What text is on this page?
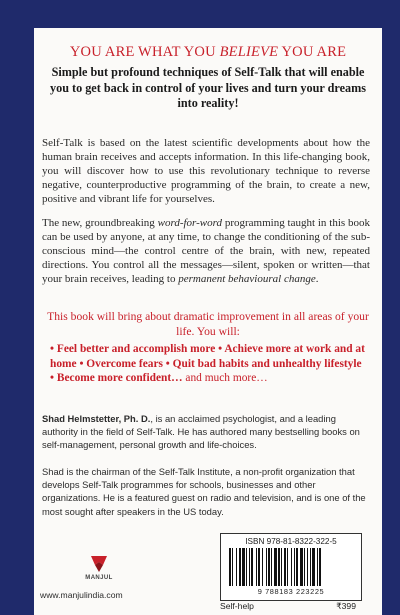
YOU ARE WHAT YOU BELIEVE YOU ARE
Simple but profound techniques of Self-Talk that will enable you to get back in control of your lives and turn your dreams into reality!
Self-Talk is based on the latest scientific developments about how the human brain receives and accepts information. In this life-changing book, you will discover how to use this revolutionary technique to reverse negative, counterproductive programming of the brain, to create a new, positive and vibrant life for yourselves.
The new, groundbreaking word-for-word programming taught in this book can be used by anyone, at any time, to change the conditioning of the sub-conscious mind—the control centre of the brain, with new, repeated directions. You control all the messages—silent, spoken or written—that your brain receives, leading to permanent behavioural change.
This book will bring about dramatic improvement in all areas of your life. You will:
• Feel better and accomplish more • Achieve more at work and at home • Overcome fears • Quit bad habits and unhealthy lifestyle • Become more confident… and much more…
Shad Helmstetter, Ph. D., is an acclaimed psychologist, and a leading authority in the field of Self-Talk. He has authored many bestselling books on self-management, personal growth and life-choices.
Shad is the chairman of the Self-Talk Institute, a non-profit organization that develops Self-Talk programmes for schools, businesses and other organizations. He is a featured guest on radio and television, and is one of the most sought after speakers in the US today.
MANJUL
www.manjulindia.com
ISBN 978-81-8322-322-5
9 788183 223225
Self-help	₹399
